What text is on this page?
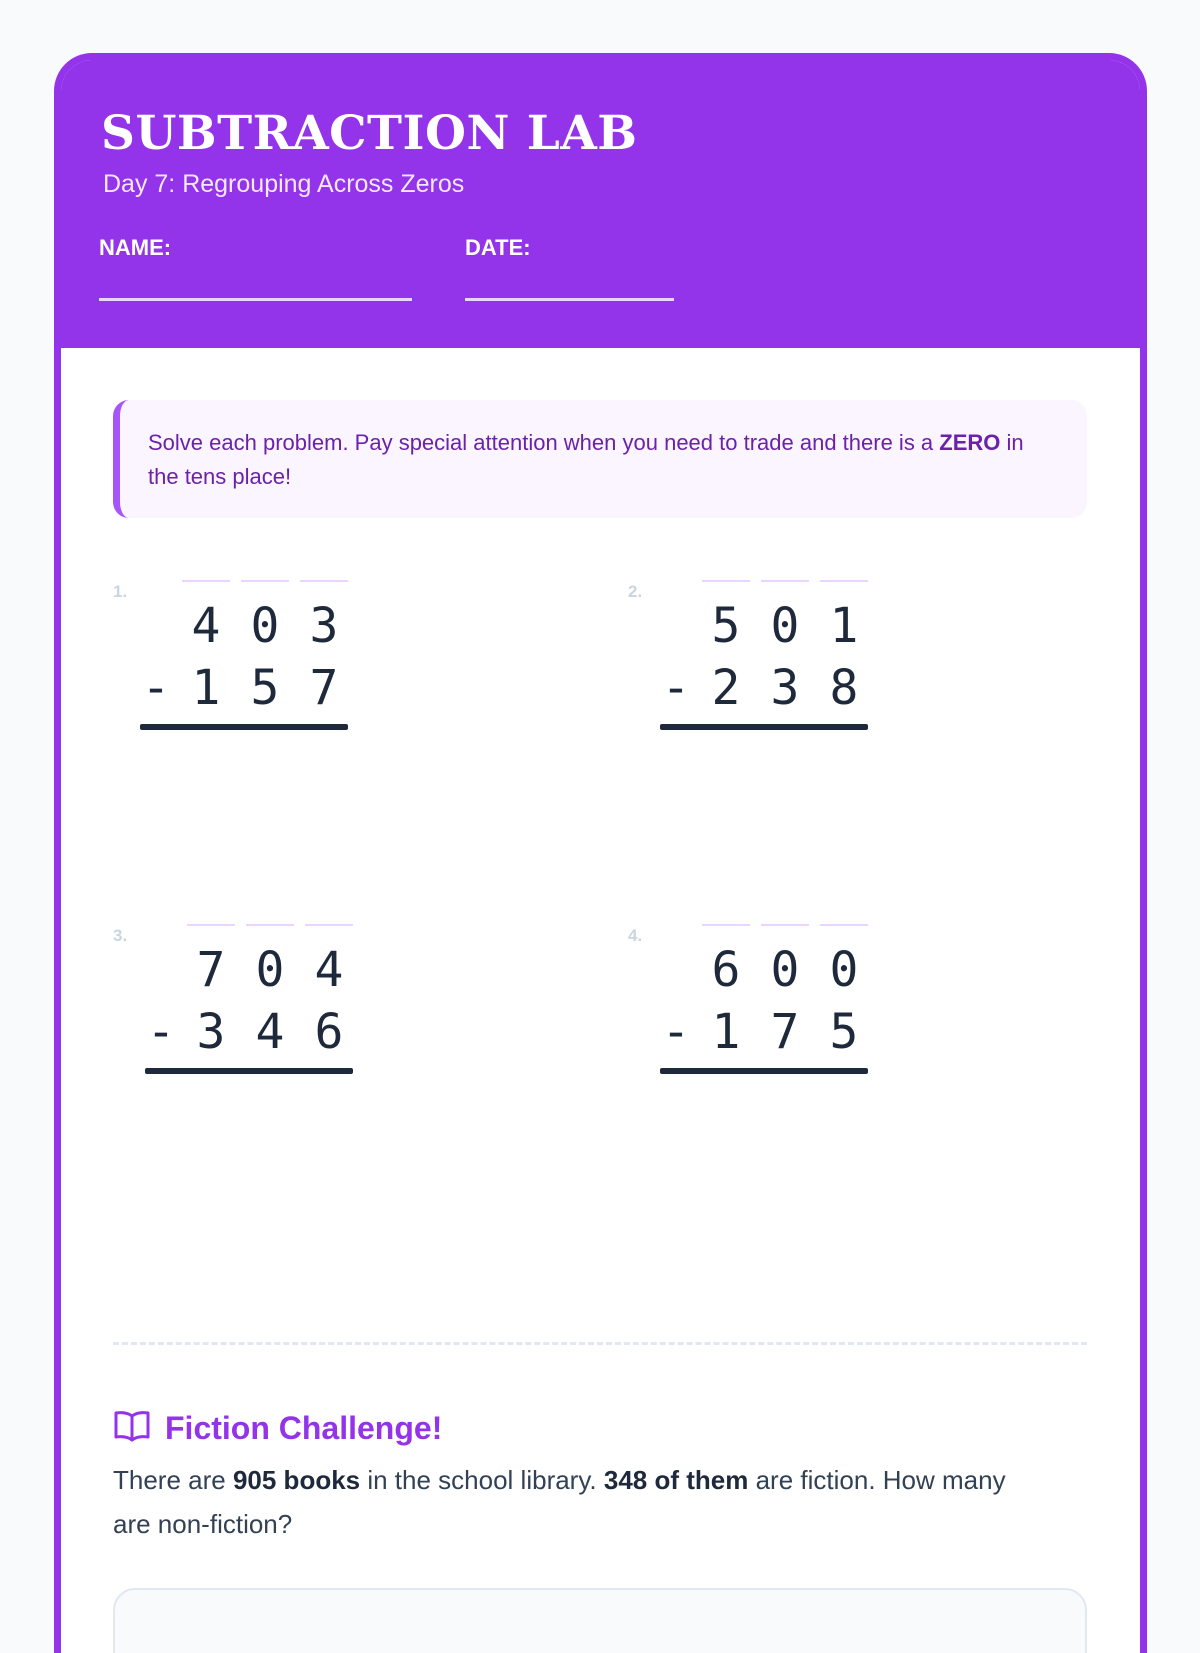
SUBTRACTION LAB
Day 7: Regrouping Across Zeros
NAME:	DATE:
Solve each problem. Pay special attention when you need to trade and there is a ZERO in the tens place!
1.
4 0 3
- 1 5 7
2.
5 0 1
- 2 3 8
3.
7 0 4
- 3 4 6
4.
6 0 0
- 1 7 5
Fiction Challenge!
There are 905 books in the school library. 348 of them are fiction. How many are non-fiction?
